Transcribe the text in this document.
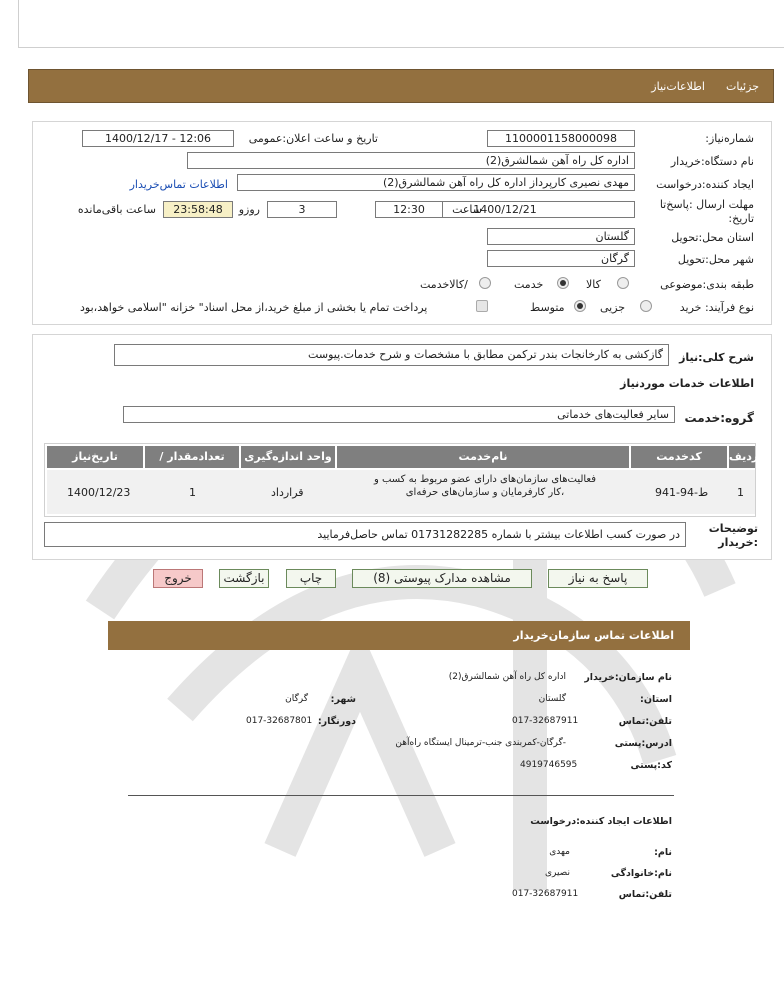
جزئیات
اطلاعات‌نیاز
شماره‌نیاز:
1100001158000098
تاریخ و ساعت اعلان‌:عمومی
1400/12/17 - 12:06
نام دستگاه‌:خریدار
اداره کل راه آهن شمالشرق(2)
ایجاد کننده‌:درخواست
مهدی نصیری کارپرداز اداره کل راه آهن شمالشرق(2)
اطلاعات تماس‌خریدار
مهلت ارسال :پاسخ‌تا تاریخ:
1400/12/21
ساعت
12:30
3
روزو
23:58:48
ساعت باقی‌مانده
استان محل‌:تحویل
گلستان
شهر محل‌:تحویل
گرگان
طبقه بندی‌:موضوعی
کالا
خدمت
/کالاخدمت
نوع فرآیند: خرید
جزیی
متوسط
پرداخت تمام یا بخشی از مبلغ خرید،از محل اسناد" خزانه "اسلامی خواهد،بود
شرح کلی:نیاز
گازکشی به کارخانجات بندر ترکمن مطابق با مشخصات و شرح خدمات.پیوست
اطلاعات خدمات موردنیاز
گروه:خدمت
سایر فعالیت‌های خدماتی
ردیف
کدخدمت
نام‌خدمت
واحد اندازه‌گیری
/ تعدادمقدار
تاریخ‌نیاز
1
ط-94-941
فعالیت‌های سازمان‌های دارای عضو مربوط به کسب و ،کار کارفرمایان و سازمان‌های حرفه‌ای
قرارداد
1
1400/12/23
توضیحات :خریدار
در صورت کسب اطلاعات بیشتر با شماره 01731282285 تماس حاصل‌فرمایید
پاسخ به نیاز
مشاهده مدارک پیوستی (8)
چاپ
بازگشت
خروج
اطلاعات تماس سازمان‌خریدار
نام سازمان:خریدار
اداره کل راه آهن شمالشرق(2)
استان:
گلستان
شهر:
گرگان
تلفن:تماس
017-32687911
دورنگار:
017-32687801
ادرس:پستی
-گرگان-کمربندی جنب-ترمینال ایستگاه راه‌آهن
کد:پستی
4919746595
اطلاعات ایجاد کننده‌:درخواست
نام:
مهدی
نام:خانوادگی
نصیری
تلفن:تماس
017-32687911
